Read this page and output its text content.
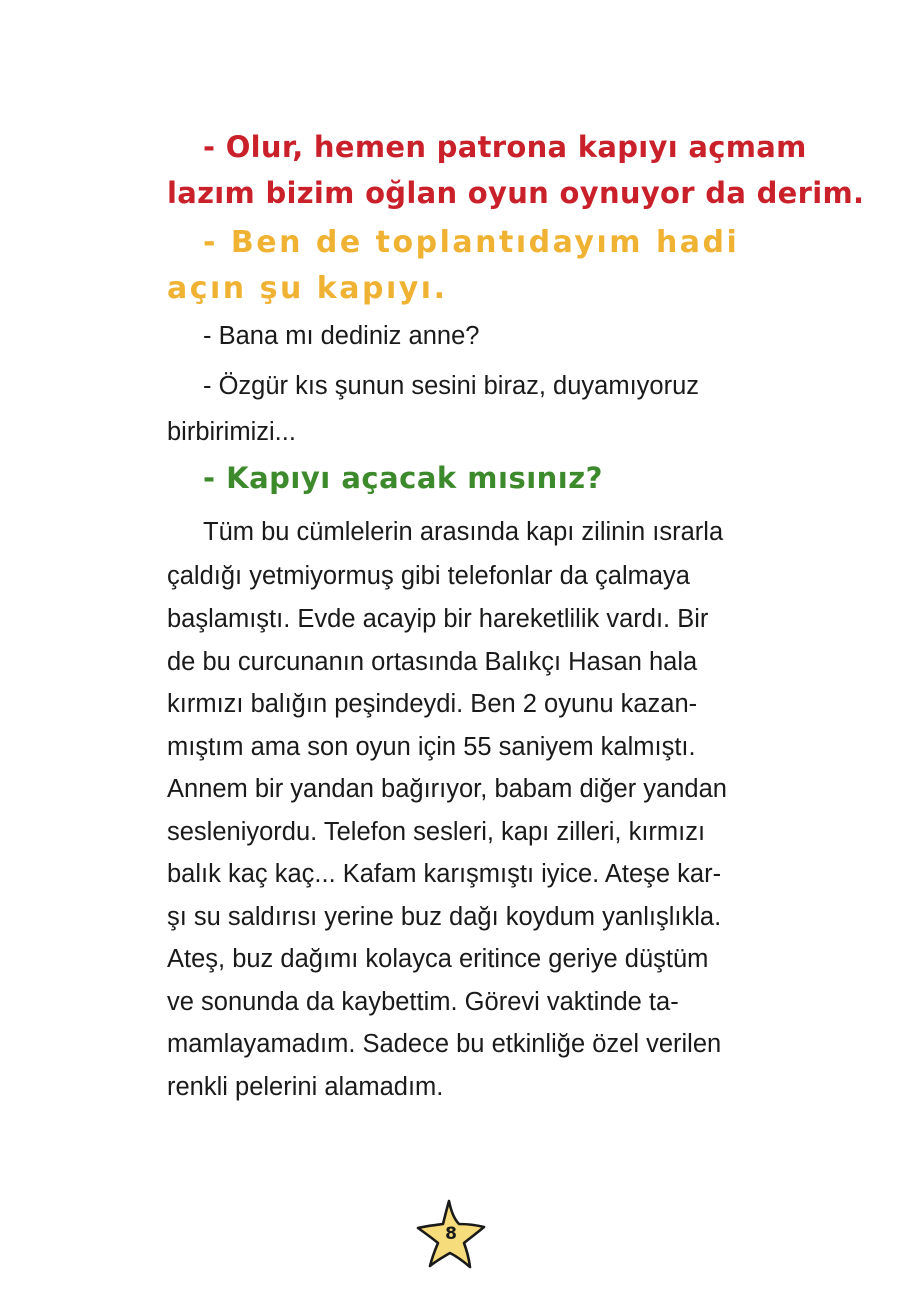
- Olur, hemen patrona kapıyı açmam

lazım bizim oğlan oyun oynuyor da derim.

- Ben de toplantıdayım hadi

açın şu kapıyı.

- Bana mı dediniz anne?

- Özgür kıs şunun sesini biraz, duyamıyoruz

birbirimizi...

- Kapıyı açacak mısınız?

Tüm bu cümlelerin arasında kapı zilinin ısrarla

çaldığı yetmiyormuş gibi telefonlar da çalmaya

başlamıştı. Evde acayip bir hareketlilik vardı. Bir

de bu curcunanın ortasında Balıkçı Hasan hala

kırmızı balığın peşindeydi. Ben 2 oyunu kazan-

mıştım ama son oyun için 55 saniyem kalmıştı.

Annem bir yandan bağırıyor, babam diğer yandan

sesleniyordu. Telefon sesleri, kapı zilleri, kırmızı

balık kaç kaç... Kafam karışmıştı iyice. Ateşe kar-

şı su saldırısı yerine buz dağı koydum yanlışlıkla.

Ateş, buz dağımı kolayca eritince geriye düştüm

ve sonunda da kaybettim. Görevi vaktinde ta-

mamlayamadım. Sadece bu etkinliğe özel verilen

renkli pelerini alamadım.

8
